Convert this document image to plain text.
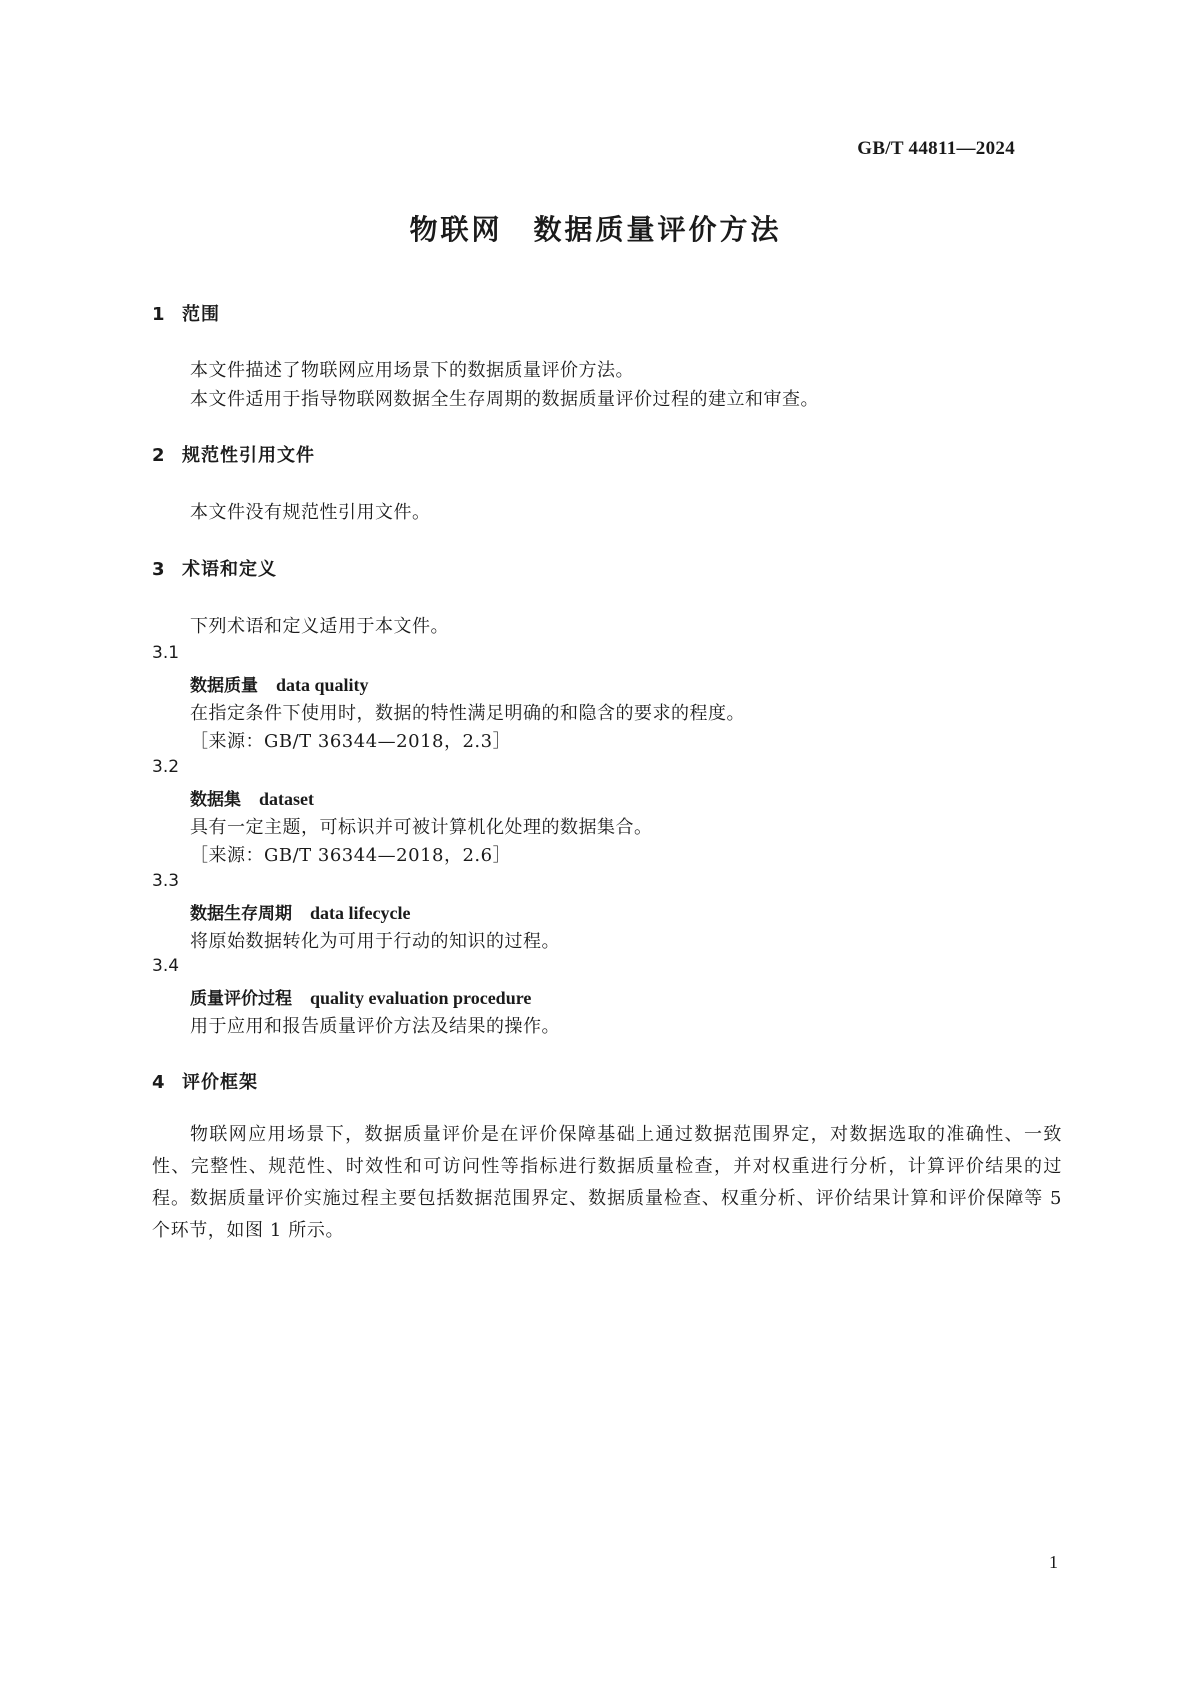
GB/T 44811—2024
物联网　数据质量评价方法
1 范围
本文件描述了物联网应用场景下的数据质量评价方法。
本文件适用于指导物联网数据全生存周期的数据质量评价过程的建立和审查。
2 规范性引用文件
本文件没有规范性引用文件。
3 术语和定义
下列术语和定义适用于本文件。
3.1
数据质量 data quality
在指定条件下使用时，数据的特性满足明确的和隐含的要求的程度。
［来源：GB/T 36344—2018，2.3］
3.2
数据集 dataset
具有一定主题，可标识并可被计算机化处理的数据集合。
［来源：GB/T 36344—2018，2.6］
3.3
数据生存周期 data lifecycle
将原始数据转化为可用于行动的知识的过程。
3.4
质量评价过程 quality evaluation procedure
用于应用和报告质量评价方法及结果的操作。
4 评价框架
物联网应用场景下，数据质量评价是在评价保障基础上通过数据范围界定，对数据选取的准确性、一致性、完整性、规范性、时效性和可访问性等指标进行数据质量检查，并对权重进行分析，计算评价结果的过程。数据质量评价实施过程主要包括数据范围界定、数据质量检查、权重分析、评价结果计算和评价保障等 5 个环节，如图 1 所示。
1
